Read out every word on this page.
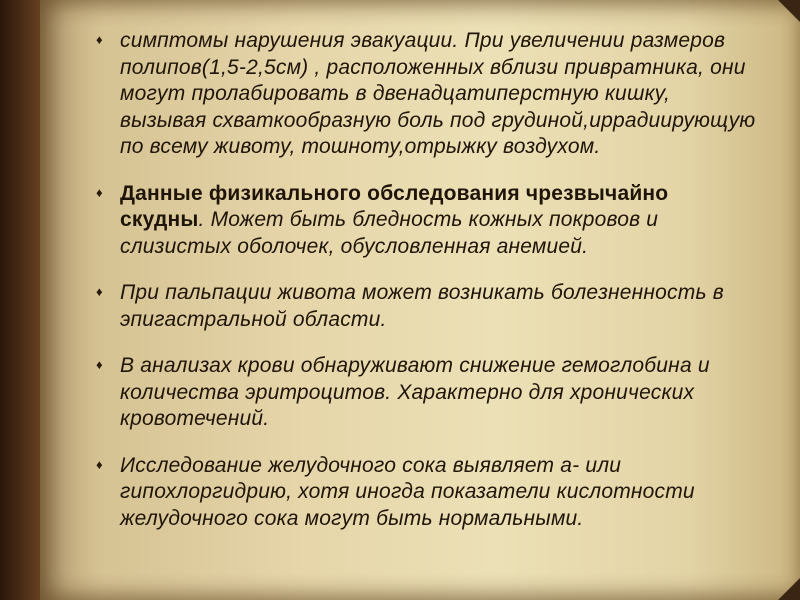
♦ симптомы нарушения эвакуации. При увеличении размеров полипов(1,5-2,5см) , расположенных вблизи привратника, они могут пролабировать в двенадцатиперстную кишку, вызывая схваткообразную боль под грудиной,иррадиирующую по всему животу, тошноту,отрыжку воздухом.
♦ Данные физикального обследования чрезвычайно скудны. Может быть бледность кожных покровов и слизистых оболочек, обусловленная анемией.
♦ При пальпации живота может возникать болезненность в эпигастральной области.
♦ В анализах крови обнаруживают снижение гемоглобина и количества эритроцитов. Характерно для хронических кровотечений.
♦ Исследование желудочного сока выявляет а- или гипохлоргидрию, хотя иногда показатели кислотности желудочного сока могут быть нормальными.
